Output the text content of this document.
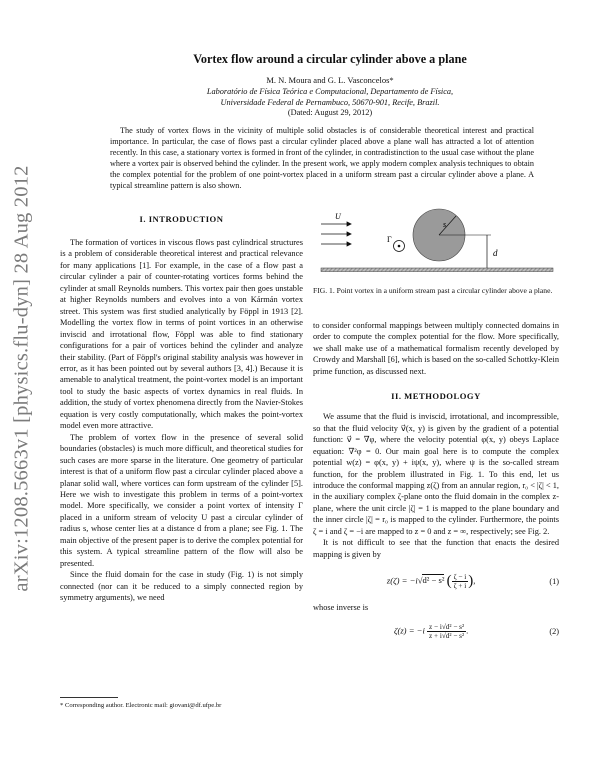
arXiv:1208.5663v1 [physics.flu-dyn] 28 Aug 2012
Vortex flow around a circular cylinder above a plane
M. N. Moura and G. L. Vasconcelos*
Laboratório de Física Teórica e Computacional, Departamento de Física,
Universidade Federal de Pernambuco, 50670-901, Recife, Brazil.
(Dated: August 29, 2012)
The study of vortex flows in the vicinity of multiple solid obstacles is of considerable theoretical interest and practical importance. In particular, the case of flows past a circular cylinder placed above a plane wall has attracted a lot of attention recently. In this case, a stationary vortex is formed in front of the cylinder, in contradistinction to the usual case without the plane where a vortex pair is observed behind the cylinder. In the present work, we apply modern complex analysis techniques to obtain the complex potential for the problem of one point-vortex placed in a uniform stream past a circular cylinder above a plane. A typical streamline pattern is also shown.
I. INTRODUCTION

The formation of vortices in viscous flows past cylindrical structures is a problem of considerable theoretical interest and practical relevance for many applications [1]. For example, in the case of a flow past a circular cylinder a pair of counter-rotating vortices forms behind the cylinder at small Reynolds numbers. This vortex pair then goes unstable at higher Reynolds numbers and evolves into a von Kármán vortex street. This system was first studied analytically by Föppl in 1913 [2]. Modelling the vortex flow in terms of point vortices in an otherwise inviscid and irrotational flow, Föppl was able to find stationary configurations for a pair of vortices behind the cylinder and analyze their stability. (Part of Föppl's original stability analysis was however in error, as it has been pointed out by several authors [3, 4].) Because it is amenable to analytical treatment, the point-vortex model is an important tool to study the basic aspects of vortex dynamics in real fluids. In addition, the study of vortex phenomena directly from the Navier-Stokes equation is very costly computationally, which makes the point-vortex model even more attractive.

The problem of vortex flow in the presence of several solid boundaries (obstacles) is much more difficult, and theoretical studies for such cases are more sparse in the literature. One geometry of particular interest is that of a uniform flow past a circular cylinder placed above a planar solid wall, where vortices can form upstream of the cylinder [5]. Here we wish to investigate this problem in terms of a point-vortex model. More specifically, we consider a point vortex of intensity Γ placed in a uniform stream of velocity U past a circular cylinder of radius s, whose center lies at a distance d from a plane; see Fig. 1. The main objective of the present paper is to derive the complex potential for this system. A typical streamline pattern of the flow will also be presented.

Since the fluid domain for the case in study (Fig. 1) is not simply connected (nor can it be reduced to a simply connected region by symmetry arguments), we need

* Corresponding author. Electronic mail: giovani@df.ufpe.br
U
Γ
s
d
FIG. 1. Point vortex in a uniform stream past a circular cylinder above a plane.

to consider conformal mappings between multiply connected domains in order to compute the complex potential for the flow. More specifically, we shall make use of a mathematical formalism recently developed by Crowdy and Marshall [6], which is based on the so-called Schottky-Klein prime function, as discussed next.

II. METHODOLOGY

We assume that the fluid is inviscid, irrotational, and incompressible, so that the fluid velocity v⃗(x, y) is given by the gradient of a potential function: v⃗ = ∇φ, where the velocity potential φ(x, y) obeys Laplace equation: ∇²φ = 0. Our main goal here is to compute the complex potential w(z) = φ(x, y) + iψ(x, y), where ψ is the so-called stream function, for the problem illustrated in Fig. 1. To this end, let us introduce the conformal mapping z(ζ) from an annular region, r₀ < |ζ| < 1, in the auxiliary complex ζ-plane onto the fluid domain in the complex z-plane, where the unit circle |ζ| = 1 is mapped to the plane boundary and the inner circle |ζ| = r₀ is mapped to the cylinder. Furthermore, the points ζ = i and ζ = −i are mapped to z = 0 and z = ∞, respectively; see Fig. 2.

It is not difficult to see that the function that enacts the desired mapping is given by

z(ζ) = −i√d² − s² ( $\frac{\zeta - i}{\zeta + i}$ ),	(1)

whose inverse is

$\zeta(z) = -i \frac{\text{z − i√d² − s²}}{\text{z + i√d² − s²}}$ .	(2)
